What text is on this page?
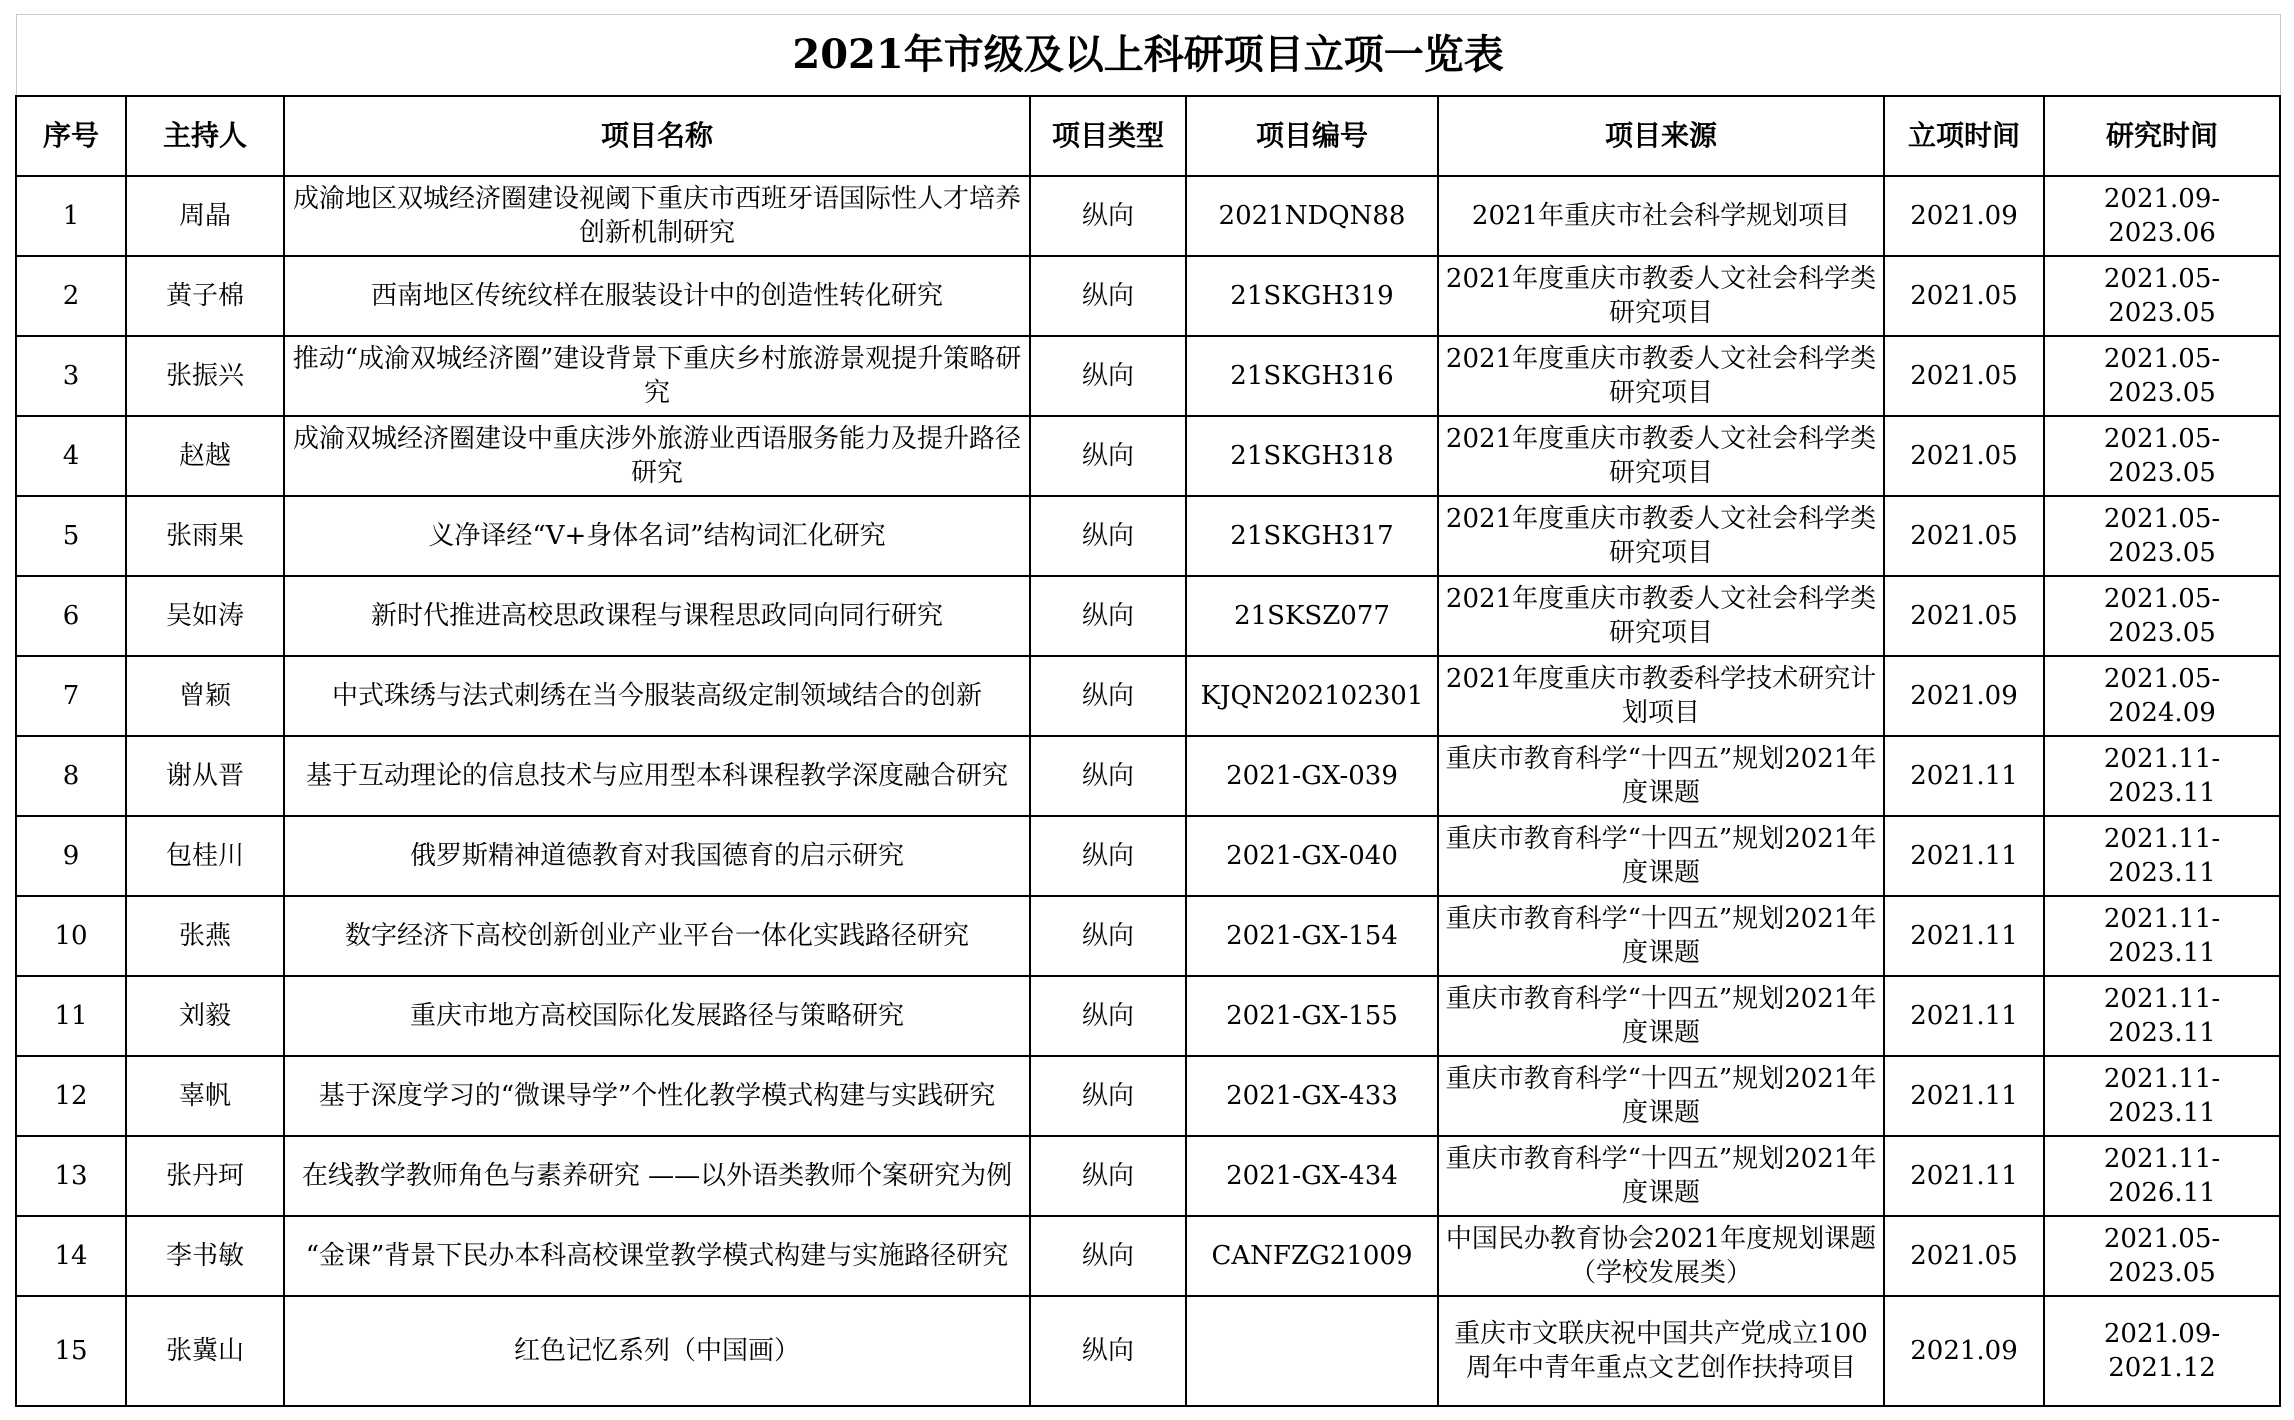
2021年市级及以上科研项目立项一览表							
序号	主持人	项目名称	项目类型	项目编号	项目来源	立项时间	研究时间
1	周晶	成渝地区双城经济圈建设视阈下重庆市西班牙语国际性人才培养创新机制研究	纵向	2021NDQN88	2021年重庆市社会科学规划项目	2021.09	2021.09-2023.06
2	黄子棉	西南地区传统纹样在服装设计中的创造性转化研究	纵向	21SKGH319	2021年度重庆市教委人文社会科学类研究项目	2021.05	2021.05-2023.05
3	张振兴	推动“成渝双城经济圈”建设背景下重庆乡村旅游景观提升策略研究	纵向	21SKGH316	2021年度重庆市教委人文社会科学类研究项目	2021.05	2021.05-2023.05
4	赵越	成渝双城经济圈建设中重庆涉外旅游业西语服务能力及提升路径研究	纵向	21SKGH318	2021年度重庆市教委人文社会科学类研究项目	2021.05	2021.05-2023.05
5	张雨果	义净译经“V+身体名词”结构词汇化研究	纵向	21SKGH317	2021年度重庆市教委人文社会科学类研究项目	2021.05	2021.05-2023.05
6	吴如涛	新时代推进高校思政课程与课程思政同向同行研究	纵向	21SKSZ077	2021年度重庆市教委人文社会科学类研究项目	2021.05	2021.05-2023.05
7	曾颖	中式珠绣与法式刺绣在当今服装高级定制领域结合的创新	纵向	KJQN202102301	2021年度重庆市教委科学技术研究计划项目	2021.09	2021.05-2024.09
8	谢从晋	基于互动理论的信息技术与应用型本科课程教学深度融合研究	纵向	2021-GX-039	重庆市教育科学“十四五”规划2021年度课题	2021.11	2021.11-2023.11
9	包桂川	俄罗斯精神道德教育对我国德育的启示研究	纵向	2021-GX-040	重庆市教育科学“十四五”规划2021年度课题	2021.11	2021.11-2023.11
10	张燕	数字经济下高校创新创业产业平台一体化实践路径研究	纵向	2021-GX-154	重庆市教育科学“十四五”规划2021年度课题	2021.11	2021.11-2023.11
11	刘毅	重庆市地方高校国际化发展路径与策略研究	纵向	2021-GX-155	重庆市教育科学“十四五”规划2021年度课题	2021.11	2021.11-2023.11
12	辜帆	基于深度学习的“微课导学”个性化教学模式构建与实践研究	纵向	2021-GX-433	重庆市教育科学“十四五”规划2021年度课题	2021.11	2021.11-2023.11
13	张丹珂	在线教学教师角色与素养研究 ——以外语类教师个案研究为例	纵向	2021-GX-434	重庆市教育科学“十四五”规划2021年度课题	2021.11	2021.11-2026.11
14	李书敏	“金课”背景下民办本科高校课堂教学模式构建与实施路径研究	纵向	CANFZG21009	中国民办教育协会2021年度规划课题（学校发展类）	2021.05	2021.05-2023.05
15	张冀山	红色记忆系列（中国画）	纵向		重庆市文联庆祝中国共产党成立100周年中青年重点文艺创作扶持项目	2021.09	2021.09-2021.12
